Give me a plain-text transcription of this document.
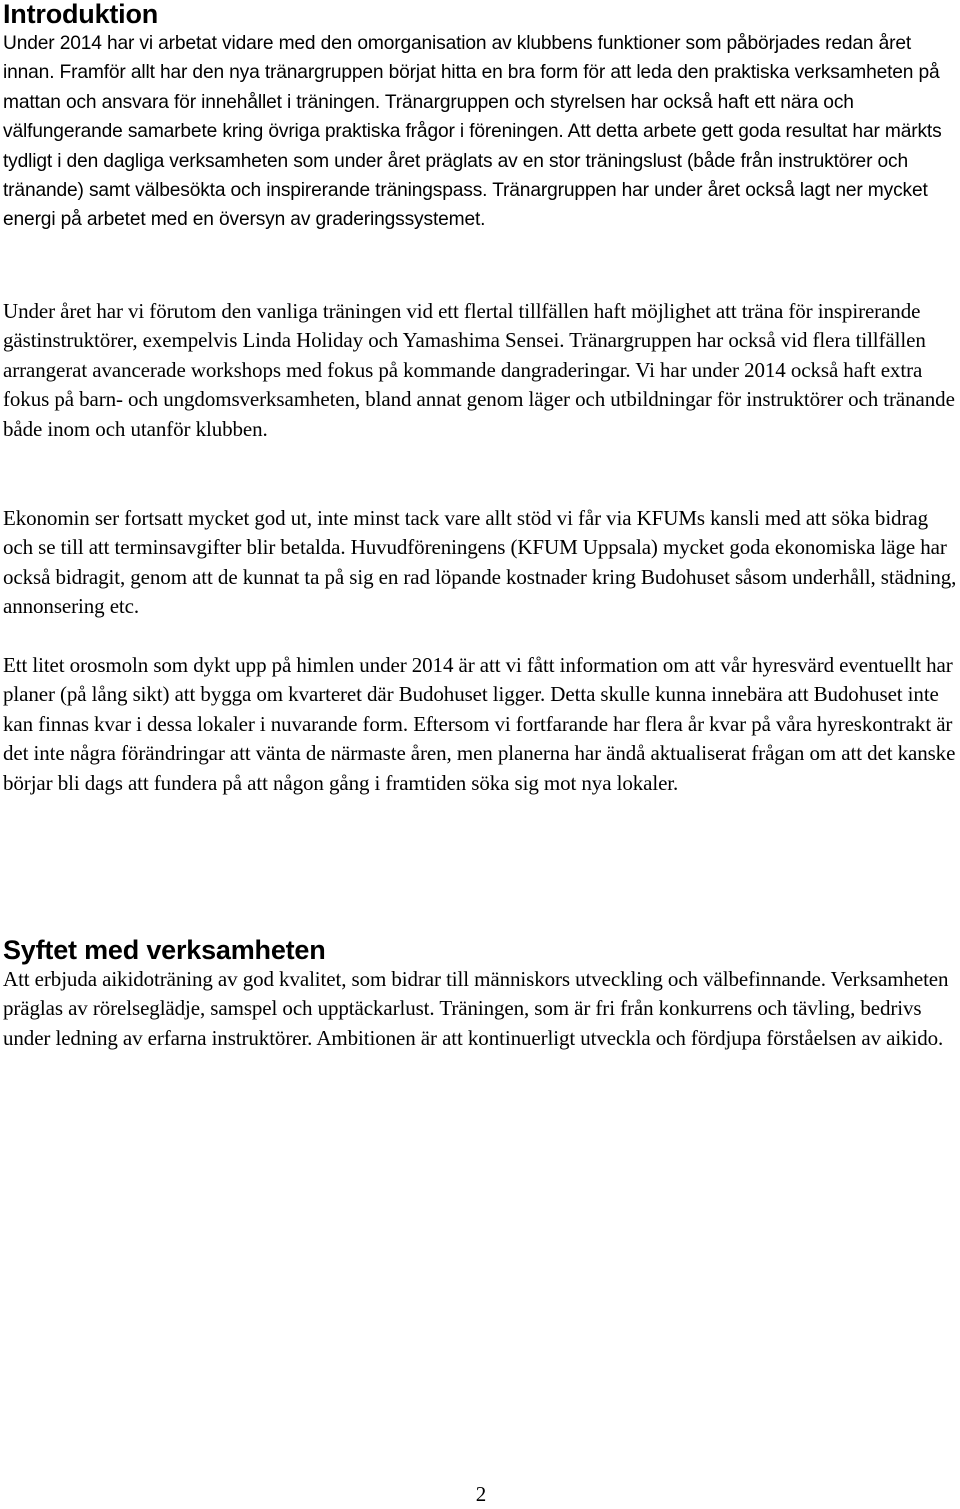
Introduktion

Under 2014 har vi arbetat vidare med den omorganisation av klubbens funktioner som påbörjades redan året innan. Framför allt har den nya tränargruppen börjat hitta en bra form för att leda den praktiska verksamheten på mattan och ansvara för innehållet i träningen. Tränargruppen och styrelsen har också haft ett nära och välfungerande samarbete kring övriga praktiska frågor i föreningen. Att detta arbete gett goda resultat har märkts tydligt i den dagliga verksamheten som under året präglats av en stor träningslust (både från instruktörer och tränande) samt välbesökta och inspirerande träningspass. Tränargruppen har under året också lagt ner mycket energi på arbetet med en översyn av graderingssystemet.

Under året har vi förutom den vanliga träningen vid ett flertal tillfällen haft möjlighet att träna för inspirerande gästinstruktörer, exempelvis Linda Holiday och Yamashima Sensei. Tränargruppen har också vid flera tillfällen arrangerat avancerade workshops med fokus på kommande dangraderingar. Vi har under 2014 också haft extra fokus på barn- och ungdomsverksamheten, bland annat genom läger och utbildningar för instruktörer och tränande både inom och utanför klubben.

Ekonomin ser fortsatt mycket god ut, inte minst tack vare allt stöd vi får via KFUMs kansli med att söka bidrag och se till att terminsavgifter blir betalda. Huvudföreningens (KFUM Uppsala) mycket goda ekonomiska läge har också bidragit, genom att de kunnat ta på sig en rad löpande kostnader kring Budohuset såsom underhåll, städning, annonsering etc.

Ett litet orosmoln som dykt upp på himlen under 2014 är att vi fått information om att vår hyresvärd eventuellt har planer (på lång sikt) att bygga om kvarteret där Budohuset ligger. Detta skulle kunna innebära att Budohuset inte kan finnas kvar i dessa lokaler i nuvarande form. Eftersom vi fortfarande har flera år kvar på våra hyreskontrakt är det inte några förändringar att vänta de närmaste åren, men planerna har ändå aktualiserat frågan om att det kanske börjar bli dags att fundera på att någon gång i framtiden söka sig mot nya lokaler.

Syftet med verksamheten

Att erbjuda aikidoträning av god kvalitet, som bidrar till människors utveckling och välbefinnande. Verksamheten präglas av rörelseglädje, samspel och upptäckarlust. Träningen, som är fri från konkurrens och tävling, bedrivs under ledning av erfarna instruktörer. Ambitionen är att kontinuerligt utveckla och fördjupa förståelsen av aikido.

2
